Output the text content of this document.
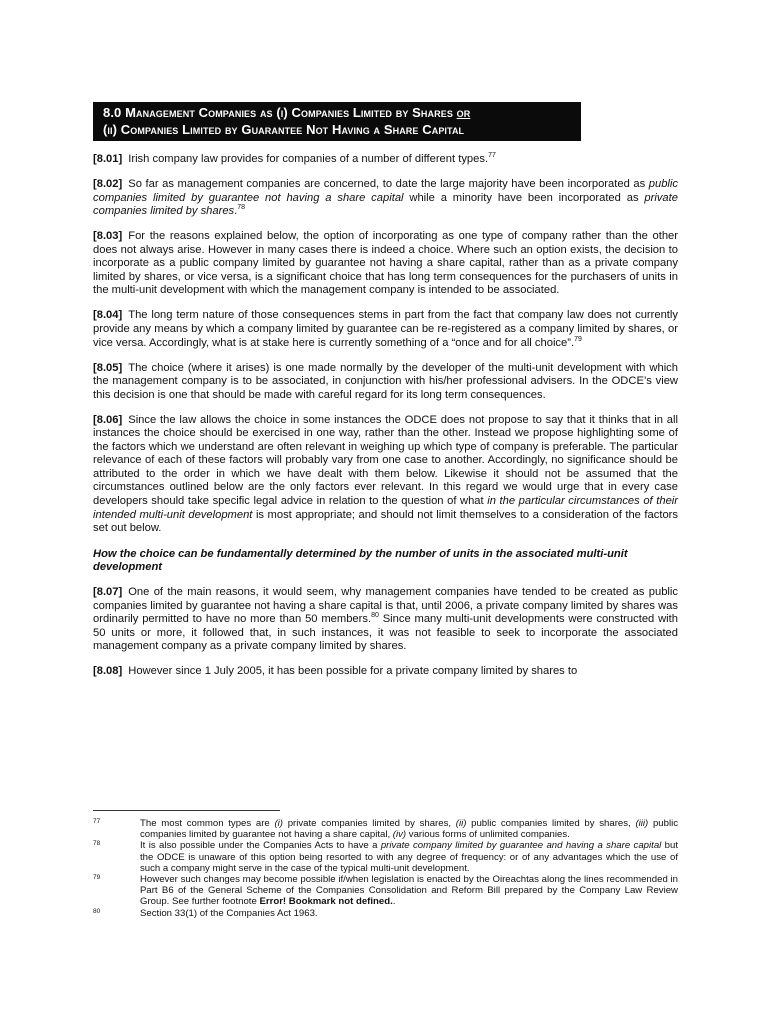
8.0 Management Companies as (i) Companies Limited by Shares or
(ii) Companies Limited by Guarantee Not Having a Share Capital

[8.01] Irish company law provides for companies of a number of different types.$^{77}$

[8.02] So far as management companies are concerned, to date the large majority have been incorporated as public companies limited by guarantee not having a share capital while a minority have been incorporated as private companies limited by shares.$^{78}$

[8.03] For the reasons explained below, the option of incorporating as one type of company rather than the other does not always arise. However in many cases there is indeed a choice. Where such an option exists, the decision to incorporate as a public company limited by guarantee not having a share capital, rather than as a private company limited by shares, or vice versa, is a significant choice that has long term consequences for the purchasers of units in the multi-unit development with which the management company is intended to be associated.

[8.04] The long term nature of those consequences stems in part from the fact that company law does not currently provide any means by which a company limited by guarantee can be re-registered as a company limited by shares, or vice versa. Accordingly, what is at stake here is currently something of a “once and for all choice”.$^{79}$

[8.05] The choice (where it arises) is one made normally by the developer of the multi-unit development with which the management company is to be associated, in conjunction with his/her professional advisers. In the ODCE’s view this decision is one that should be made with careful regard for its long term consequences.

[8.06] Since the law allows the choice in some instances the ODCE does not propose to say that it thinks that in all instances the choice should be exercised in one way, rather than the other. Instead we propose highlighting some of the factors which we understand are often relevant in weighing up which type of company is preferable. The particular relevance of each of these factors will probably vary from one case to another. Accordingly, no significance should be attributed to the order in which we have dealt with them below. Likewise it should not be assumed that the circumstances outlined below are the only factors ever relevant. In this regard we would urge that in every case developers should take specific legal advice in relation to the question of what in the particular circumstances of their intended multi-unit development is most appropriate; and should not limit themselves to a consideration of the factors set out below.

How the choice can be fundamentally determined by the number of units in the associated multi-unit development

[8.07] One of the main reasons, it would seem, why management companies have tended to be created as public companies limited by guarantee not having a share capital is that, until 2006, a private company limited by shares was ordinarily permitted to have no more than 50 members.$^{80}$ Since many multi-unit developments were constructed with 50 units or more, it followed that, in such instances, it was not feasible to seek to incorporate the associated management company as a private company limited by shares.

[8.08] However since 1 July 2005, it has been possible for a private company limited by shares to

77	The most common types are (i) private companies limited by shares, (ii) public companies limited by shares, (iii) public companies limited by guarantee not having a share capital, (iv) various forms of unlimited companies.
78	It is also possible under the Companies Acts to have a private company limited by guarantee and having a share capital but the ODCE is unaware of this option being resorted to with any degree of frequency: or of any advantages which the use of such a company might serve in the case of the typical multi-unit development.
79	However such changes may become possible if/when legislation is enacted by the Oireachtas along the lines recommended in Part B6 of the General Scheme of the Companies Consolidation and Reform Bill prepared by the Company Law Review Group. See further footnote Error! Bookmark not defined..
80	Section 33(1) of the Companies Act 1963.
